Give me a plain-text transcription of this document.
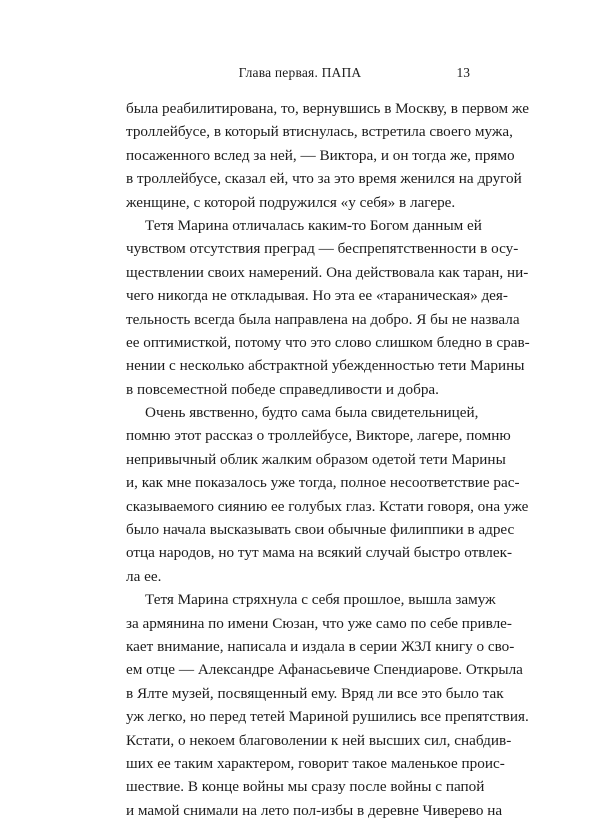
Глава первая. ПАПА	13
была реабилитирована, то, вернувшись в Москву, в первом же
троллейбусе, в который втиснулась, встретила своего мужа,
посаженного вслед за ней, — Виктора, и он тогда же, прямо
в троллейбусе, сказал ей, что за это время женился на другой
женщине, с которой подружился «у себя» в лагере.
Тетя Марина отличалась каким-то Богом данным ей
чувством отсутствия преград — беспрепятственности в осу-
ществлении своих намерений. Она действовала как таран, ни-
чего никогда не откладывая. Но эта ее «тараническая» дея-
тельность всегда была направлена на добро. Я бы не назвала
ее оптимисткой, потому что это слово слишком бледно в срав-
нении с несколько абстрактной убежденностью тети Марины
в повсеместной победе справедливости и добра.
Очень явственно, будто сама была свидетельницей,
помню этот рассказ о троллейбусе, Викторе, лагере, помню
непривычный облик жалким образом одетой тети Марины
и, как мне показалось уже тогда, полное несоответствие рас-
сказываемого сиянию ее голубых глаз. Кстати говоря, она уже
было начала высказывать свои обычные филиппики в адрес
отца народов, но тут мама на всякий случай быстро отвлек-
ла ее.
Тетя Марина стряхнула с себя прошлое, вышла замуж
за армянина по имени Сюзан, что уже само по себе привле-
кает внимание, написала и издала в серии ЖЗЛ книгу о сво-
ем отце — Александре Афанасьевиче Спендиарове. Открыла
в Ялте музей, посвященный ему. Вряд ли все это было так
уж легко, но перед тетей Мариной рушились все препятствия.
Кстати, о некоем благоволении к ней высших сил, снабдив-
ших ее таким характером, говорит такое маленькое проис-
шествие. В конце войны мы сразу после войны с папой
и мамой снимали на лето пол-избы в деревне Чиверево на
